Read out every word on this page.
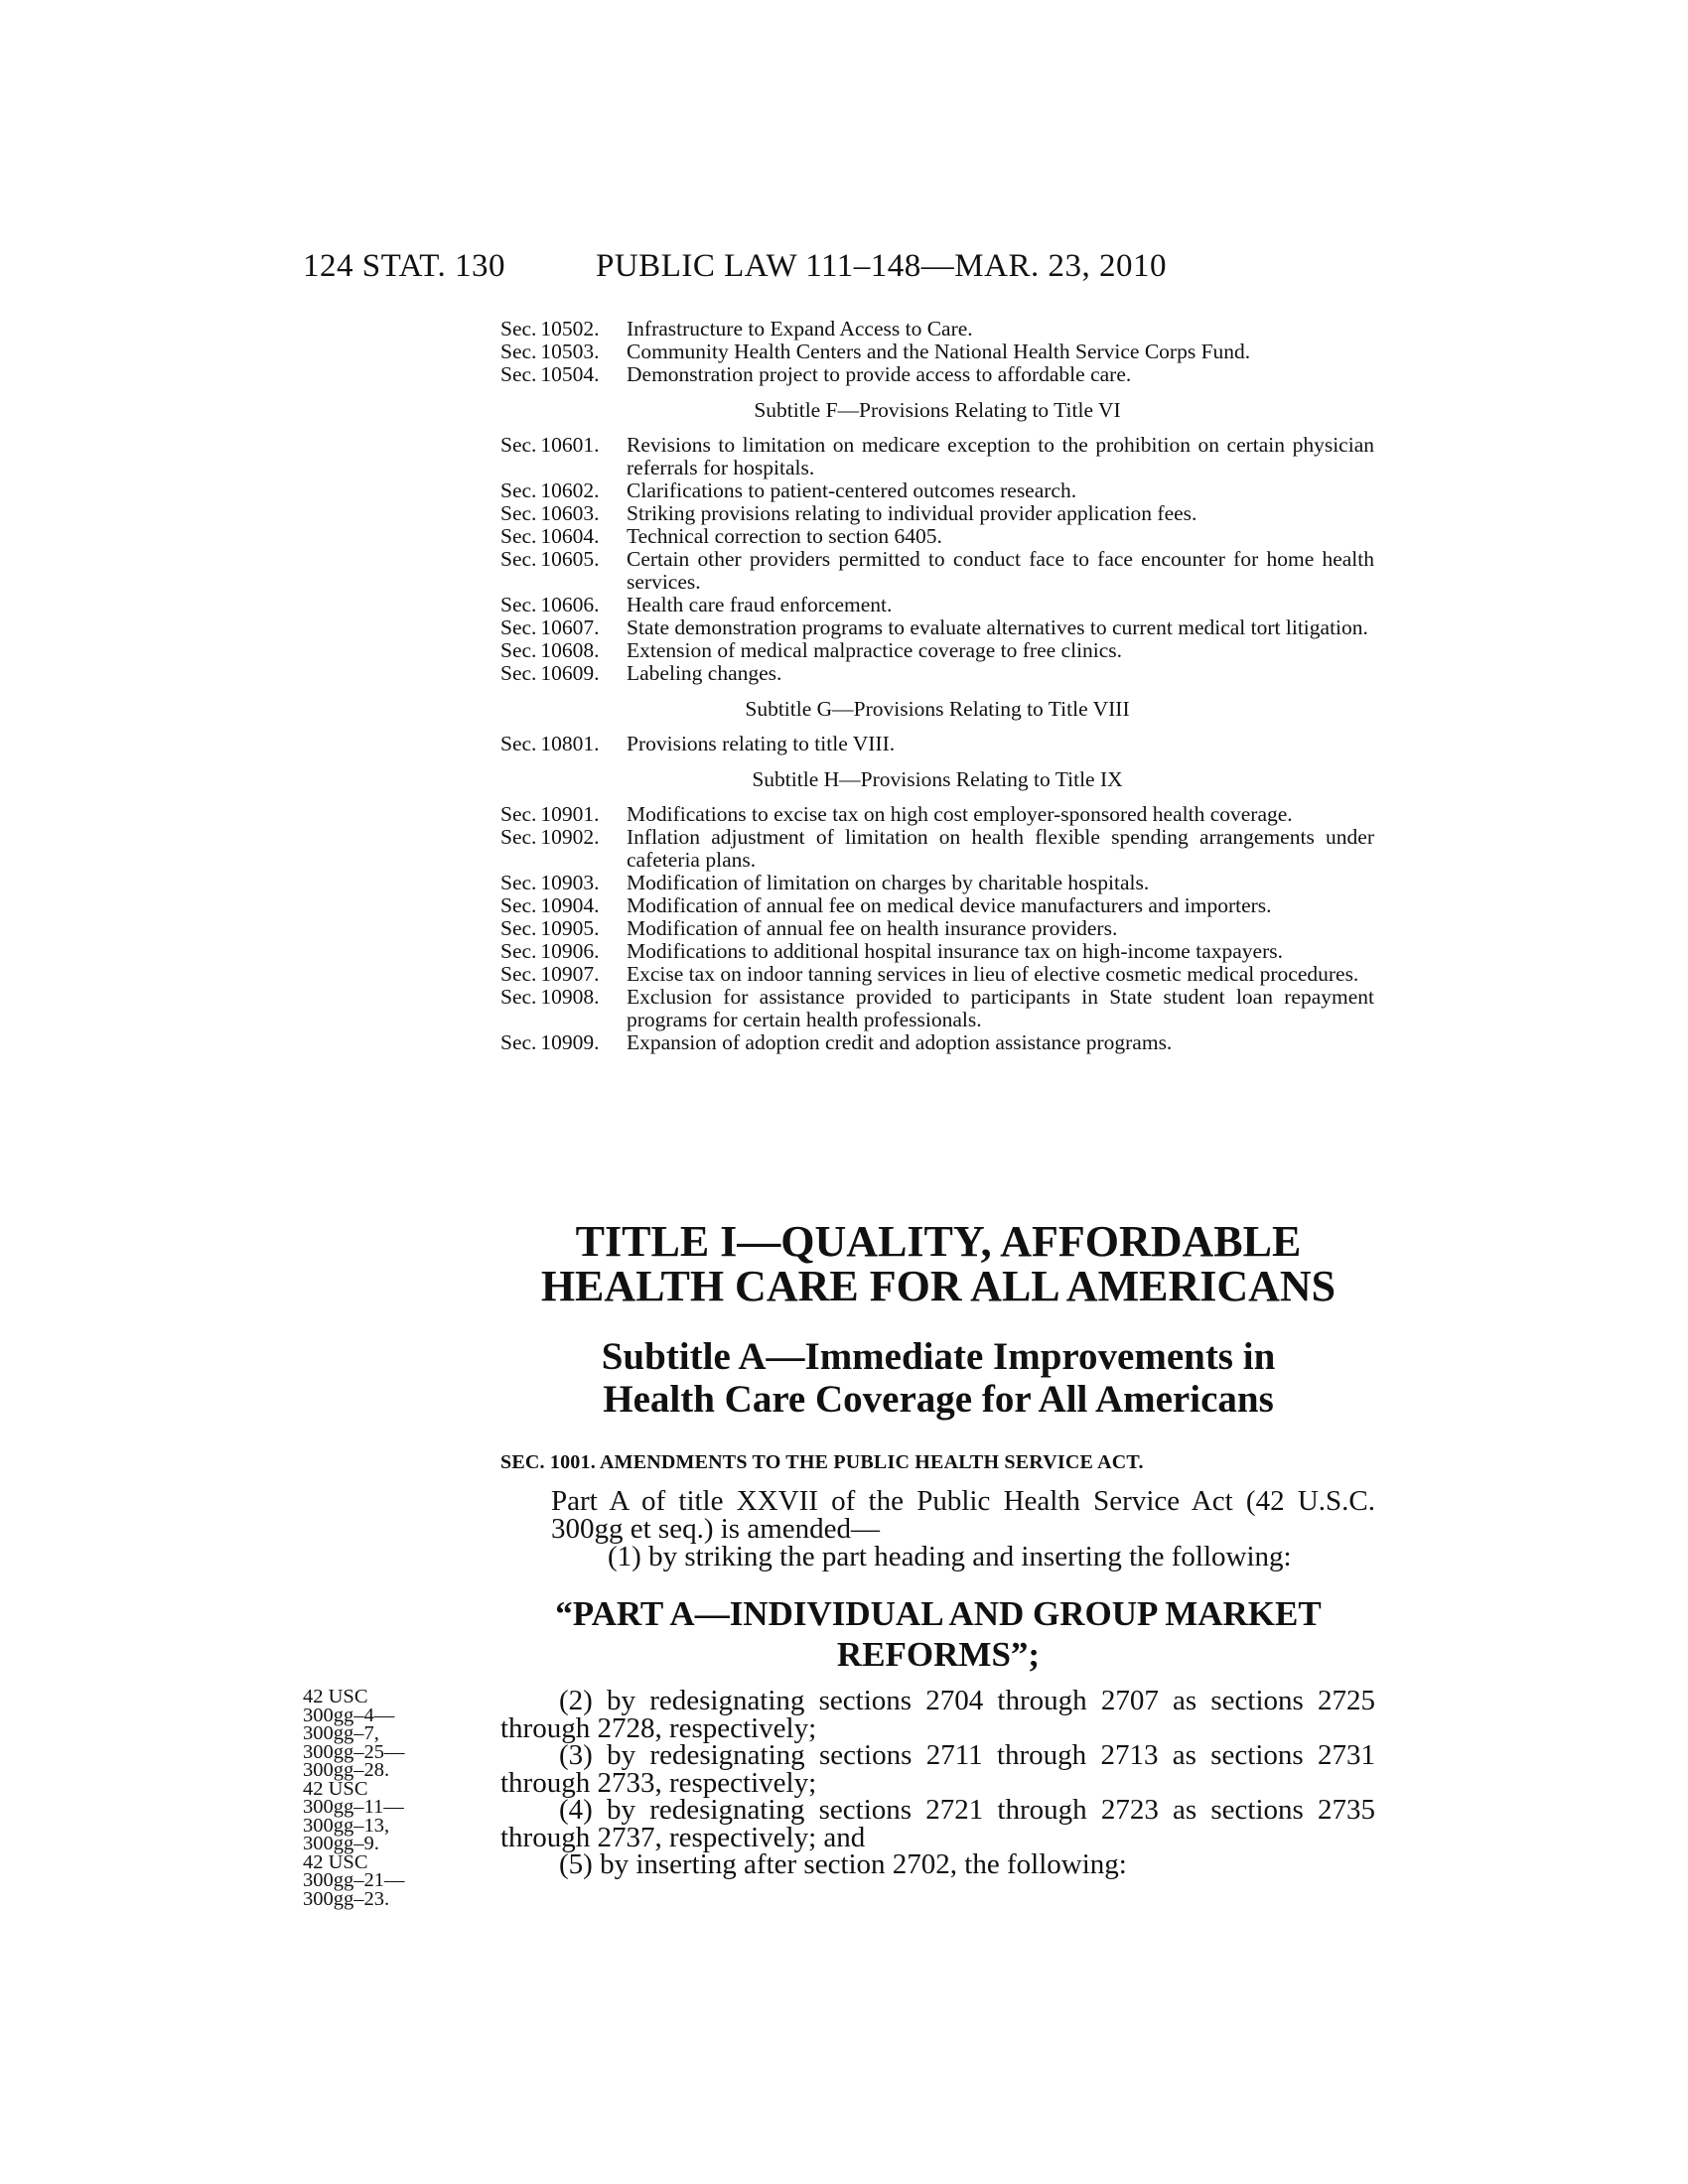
124 STAT. 130	PUBLIC LAW 111–148—MAR. 23, 2010
Sec. 10502. Infrastructure to Expand Access to Care.
Sec. 10503. Community Health Centers and the National Health Service Corps Fund.
Sec. 10504. Demonstration project to provide access to affordable care.
Subtitle F—Provisions Relating to Title VI
Sec. 10601. Revisions to limitation on medicare exception to the prohibition on certain physician referrals for hospitals.
Sec. 10602. Clarifications to patient-centered outcomes research.
Sec. 10603. Striking provisions relating to individual provider application fees.
Sec. 10604. Technical correction to section 6405.
Sec. 10605. Certain other providers permitted to conduct face to face encounter for home health services.
Sec. 10606. Health care fraud enforcement.
Sec. 10607. State demonstration programs to evaluate alternatives to current medical tort litigation.
Sec. 10608. Extension of medical malpractice coverage to free clinics.
Sec. 10609. Labeling changes.
Subtitle G—Provisions Relating to Title VIII
Sec. 10801. Provisions relating to title VIII.
Subtitle H—Provisions Relating to Title IX
Sec. 10901. Modifications to excise tax on high cost employer-sponsored health coverage.
Sec. 10902. Inflation adjustment of limitation on health flexible spending arrangements under cafeteria plans.
Sec. 10903. Modification of limitation on charges by charitable hospitals.
Sec. 10904. Modification of annual fee on medical device manufacturers and importers.
Sec. 10905. Modification of annual fee on health insurance providers.
Sec. 10906. Modifications to additional hospital insurance tax on high-income taxpayers.
Sec. 10907. Excise tax on indoor tanning services in lieu of elective cosmetic medical procedures.
Sec. 10908. Exclusion for assistance provided to participants in State student loan repayment programs for certain health professionals.
Sec. 10909. Expansion of adoption credit and adoption assistance programs.
TITLE I—QUALITY, AFFORDABLE
HEALTH CARE FOR ALL AMERICANS
Subtitle A—Immediate Improvements in
Health Care Coverage for All Americans
SEC. 1001. AMENDMENTS TO THE PUBLIC HEALTH SERVICE ACT.
Part A of title XXVII of the Public Health Service Act (42 U.S.C. 300gg et seq.) is amended—
(1) by striking the part heading and inserting the following:
“PART A—INDIVIDUAL AND GROUP MARKET
REFORMS”;
(2) by redesignating sections 2704 through 2707 as sections 2725 through 2728, respectively;
(3) by redesignating sections 2711 through 2713 as sections 2731 through 2733, respectively;
(4) by redesignating sections 2721 through 2723 as sections 2735 through 2737, respectively; and
(5) by inserting after section 2702, the following:
42 USC
300gg–4—
300gg–7,
300gg–25—
300gg–28.
42 USC
300gg–11—
300gg–13,
300gg–9.
42 USC
300gg–21—
300gg–23.
